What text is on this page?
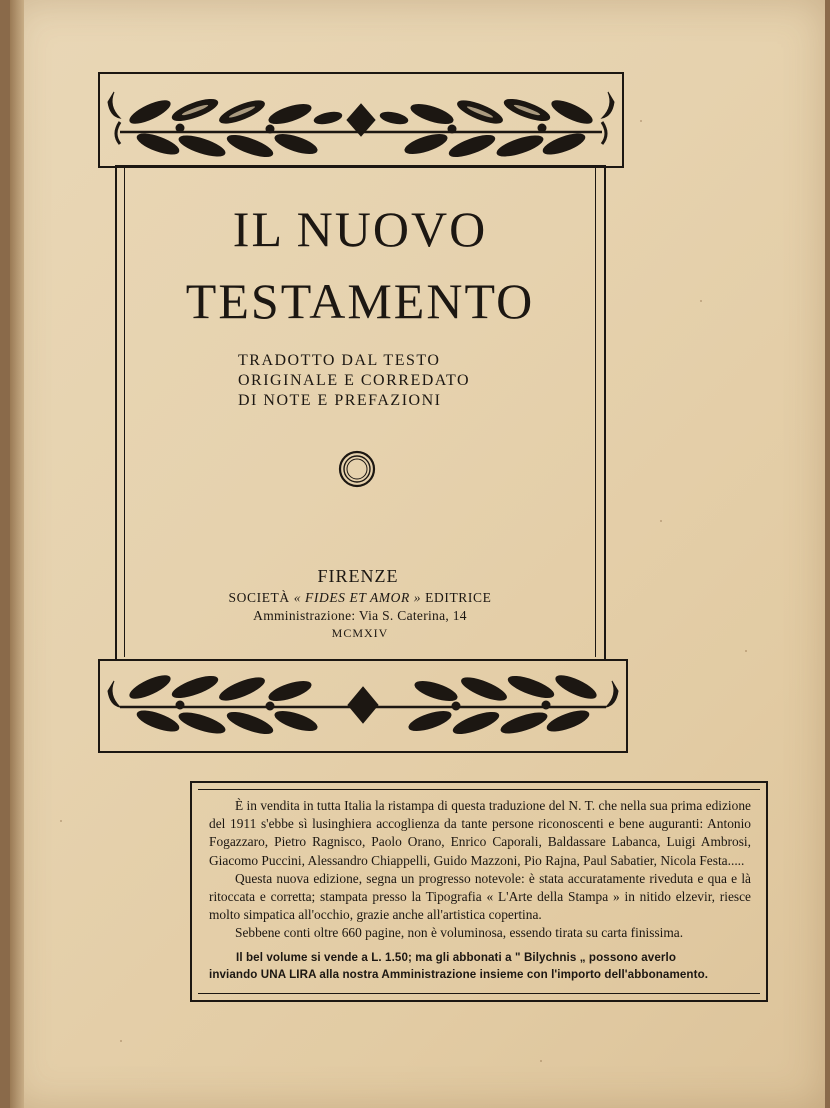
IL NUOVO
TESTAMENTO
TRADOTTO DAL TESTO
ORIGINALE E CORREDATO
DI NOTE E PREFAZIONI
FIRENZE
SOCIETÀ « FIDES ET AMOR » EDITRICE
Amministrazione: Via S. Caterina, 14
MCMXIV

È in vendita in tutta Italia la ristampa di questa traduzione del N. T. che nella sua prima edizione del 1911 s'ebbe sì lusinghiera accoglienza da tante persone riconoscenti e bene auguranti: Antonio Fogazzaro, Pietro Ragnisco, Paolo Orano, Enrico Caporali, Baldassare Labanca, Luigi Ambrosi, Giacomo Puccini, Alessandro Chiappelli, Guido Mazzoni, Pio Rajna, Paul Sabatier, Nicola Festa.....

Questa nuova edizione, segna un progresso notevole: è stata accuratamente riveduta e qua e là ritoccata e corretta; stampata presso la Tipografia « L'Arte della Stampa » in nitido elzevir, riesce molto simpatica all'occhio, grazie anche all'artistica copertina.

Sebbene conti oltre 660 pagine, non è voluminosa, essendo tirata su carta finissima.

Il bel volume si vende a L. 1.50; ma gli abbonati a " Bilychnis „ possono averlo
inviando UNA LIRA alla nostra Amministrazione insieme con l'importo dell'abbonamento.
